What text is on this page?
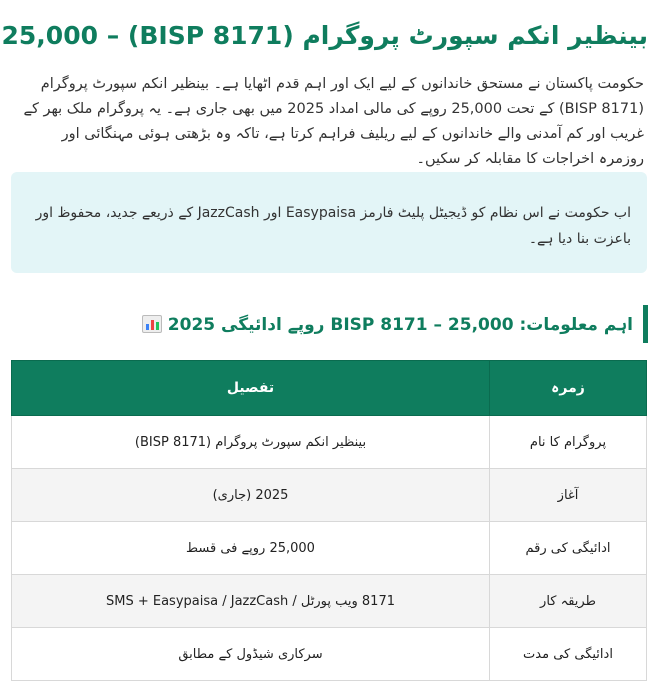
بینظیر انکم سپورٹ پروگرام (BISP 8171) – 25,000

حکومت پاکستان نے مستحق خاندانوں کے لیے ایک اور اہم قدم اٹھایا ہے۔ بینظیر انکم سپورٹ پروگرام (BISP 8171) کے تحت 25,000 روپے کی مالی امداد 2025 میں بھی جاری ہے۔ یہ پروگرام ملک بھر کے غریب اور کم آمدنی والے خاندانوں کے لیے ریلیف فراہم کرتا ہے، تاکہ وہ بڑھتی ہوئی مہنگائی اور روزمرہ اخراجات کا مقابلہ کر سکیں۔

اب حکومت نے اس نظام کو ڈیجیٹل پلیٹ فارمز Easypaisa اور JazzCash کے ذریعے جدید، محفوظ اور باعزت بنا دیا ہے۔
اہم معلومات: BISP 8171 – 25,000 روپے ادائیگی 2025
زمرہ	تفصیل
پروگرام کا نام	بینظیر انکم سپورٹ پروگرام (BISP 8171)
آغاز	2025 (جاری)
ادائیگی کی رقم	25,000 روپے فی قسط
طریقہ کار	8171 ویب پورٹل / SMS + Easypaisa / JazzCash
ادائیگی کی مدت	سرکاری شیڈول کے مطابق
